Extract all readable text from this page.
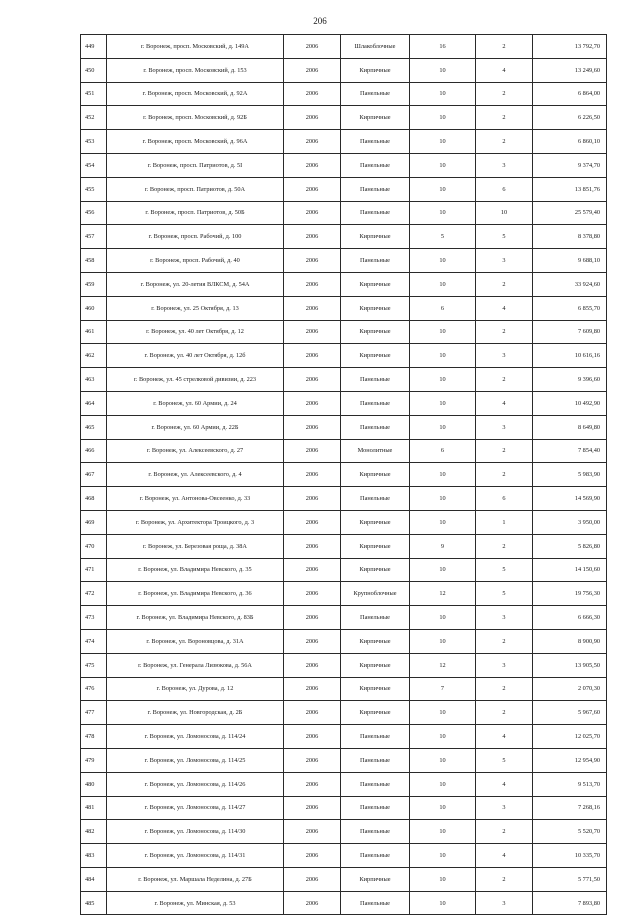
206
449	г. Воронеж, просп. Московский, д. 149А	2006	Шлакоблочные	16	2	13 792,70
450	г. Воронеж, просп. Московский, д. 153	2006	Кирпичные	10	4	13 249,60
451	г. Воронеж, просп. Московский, д. 92А	2006	Панельные	10	2	6 864,00
452	г. Воронеж, просп. Московский, д. 92Б	2006	Кирпичные	10	2	6 226,50
453	г. Воронеж, просп. Московский, д. 96А	2006	Панельные	10	2	6 860,10
454	г. Воронеж, просп. Патриотов, д. 5I	2006	Панельные	10	3	9 374,70
455	г. Воронеж, просп. Патриотов, д. 50А	2006	Панельные	10	6	13 851,76
456	г. Воронеж, просп. Патриотов, д. 50Б	2006	Панельные	10	10	25 579,40
457	г. Воронеж, просп. Рабочий, д. 100	2006	Кирпичные	5	5	8 378,80
458	г. Воронеж, просп. Рабочий, д. 40	2006	Панельные	10	3	9 688,10
459	г. Воронеж, ул. 20-летия ВЛКСМ, д. 54А	2006	Кирпичные	10	2	33 924,60
460	г. Воронеж, ул. 25 Октября, д. 13	2006	Кирпичные	6	4	6 855,70
461	г. Воронеж, ул. 40 лет Октября, д. 12	2006	Кирпичные	10	2	7 609,80
462	г. Воронеж, ул. 40 лет Октября, д. 12б	2006	Кирпичные	10	3	10 616,16
463	г. Воронеж, ул. 45 стрелковой дивизии, д. 223	2006	Панельные	10	2	9 396,60
464	г. Воронеж, ул. 60 Армии, д. 24	2006	Панельные	10	4	10 492,90
465	г. Воронеж, ул. 60 Армии, д. 22Б	2006	Панельные	10	3	8 649,80
466	г. Воронеж, ул. Алексеевского, д. 27	2006	Монолитные	6	2	7 854,40
467	г. Воронеж, ул. Алексеевского, д. 4	2006	Кирпичные	10	2	5 983,90
468	г. Воронеж, ул. Антонова-Овсеенко, д. 33	2006	Панельные	10	6	14 569,90
469	г. Воронеж, ул. Архитектора Троицкого, д. 3	2006	Кирпичные	10	1	3 950,00
470	г. Воронеж, ул. Березовая роща, д. 38А	2006	Кирпичные	9	2	5 826,80
471	г. Воронеж, ул. Владимира Невского, д. 35	2006	Кирпичные	10	5	14 150,60
472	г. Воронеж, ул. Владимира Невского, д. 36	2006	Крупноблочные	12	5	19 756,30
473	г. Воронеж, ул. Владимира Невского, д. 83Б	2006	Панельные	10	3	6 666,30
474	г. Воронеж, ул. Вороновцова, д. 31А	2006	Кирпичные	10	2	8 900,90
475	г. Воронеж, ул. Генерала Лизюкова, д. 56А	2006	Кирпичные	12	3	13 905,50
476	г. Воронеж, ул. Дурова, д. 12	2006	Кирпичные	7	2	2 070,30
477	г. Воронеж, ул. Новгородская, д. 2Б	2006	Кирпичные	10	2	5 967,60
478	г. Воронеж, ул. Ломоносова, д. 114/24	2006	Панельные	10	4	12 025,70
479	г. Воронеж, ул. Ломоносова, д. 114/25	2006	Панельные	10	5	12 954,90
480	г. Воронеж, ул. Ломоносова, д. 114/26	2006	Панельные	10	4	9 513,70
481	г. Воронеж, ул. Ломоносова, д. 114/27	2006	Панельные	10	3	7 268,16
482	г. Воронеж, ул. Ломоносова, д. 114/30	2006	Панельные	10	2	5 520,70
483	г. Воронеж, ул. Ломоносова, д. 114/31	2006	Панельные	10	4	10 335,70
484	г. Воронеж, ул. Маршала Неделина, д. 27Б	2006	Кирпичные	10	2	5 771,50
485	г. Воронеж, ул. Минская, д. 53	2006	Панельные	10	3	7 893,80
